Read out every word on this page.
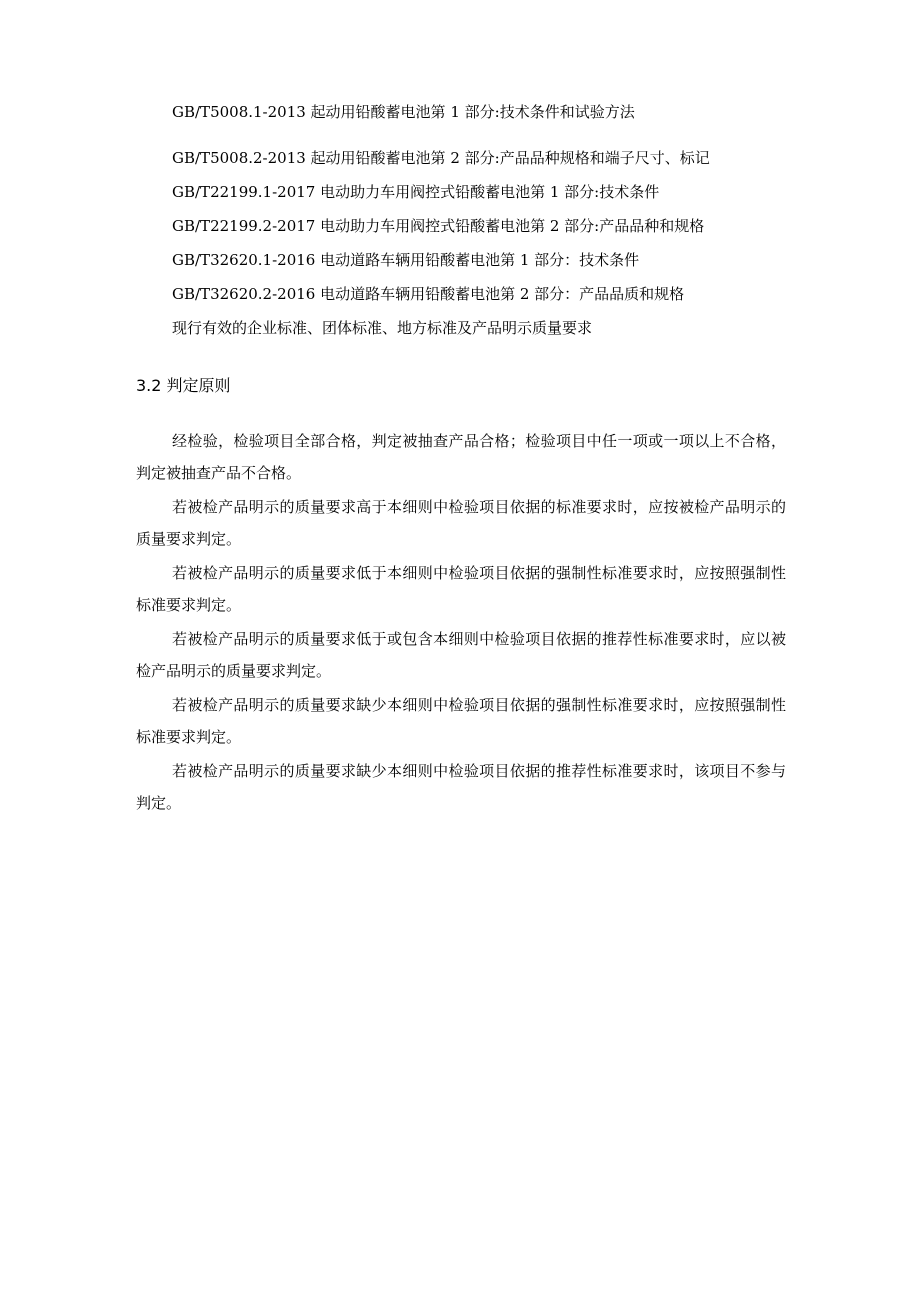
GB/T5008.1-2013 起动用铅酸蓄电池第 1 部分:技术条件和试验方法
GB/T5008.2-2013 起动用铅酸蓄电池第 2 部分:产品品种规格和端子尺寸、标记
GB/T22199.1-2017 电动助力车用阀控式铅酸蓄电池第 1 部分:技术条件
GB/T22199.2-2017 电动助力车用阀控式铅酸蓄电池第 2 部分:产品品种和规格
GB/T32620.1-2016 电动道路车辆用铅酸蓄电池第 1 部分：技术条件
GB/T32620.2-2016 电动道路车辆用铅酸蓄电池第 2 部分：产品品质和规格
现行有效的企业标准、团体标准、地方标准及产品明示质量要求
3.2 判定原则

经检验，检验项目全部合格，判定被抽查产品合格；检验项目中任一项或一项以上不合格，判定被抽查产品不合格。

若被检产品明示的质量要求高于本细则中检验项目依据的标准要求时，应按被检产品明示的质量要求判定。

若被检产品明示的质量要求低于本细则中检验项目依据的强制性标准要求时，应按照强制性标准要求判定。

若被检产品明示的质量要求低于或包含本细则中检验项目依据的推荐性标准要求时，应以被检产品明示的质量要求判定。

若被检产品明示的质量要求缺少本细则中检验项目依据的强制性标准要求时，应按照强制性标准要求判定。

若被检产品明示的质量要求缺少本细则中检验项目依据的推荐性标准要求时，该项目不参与判定。
